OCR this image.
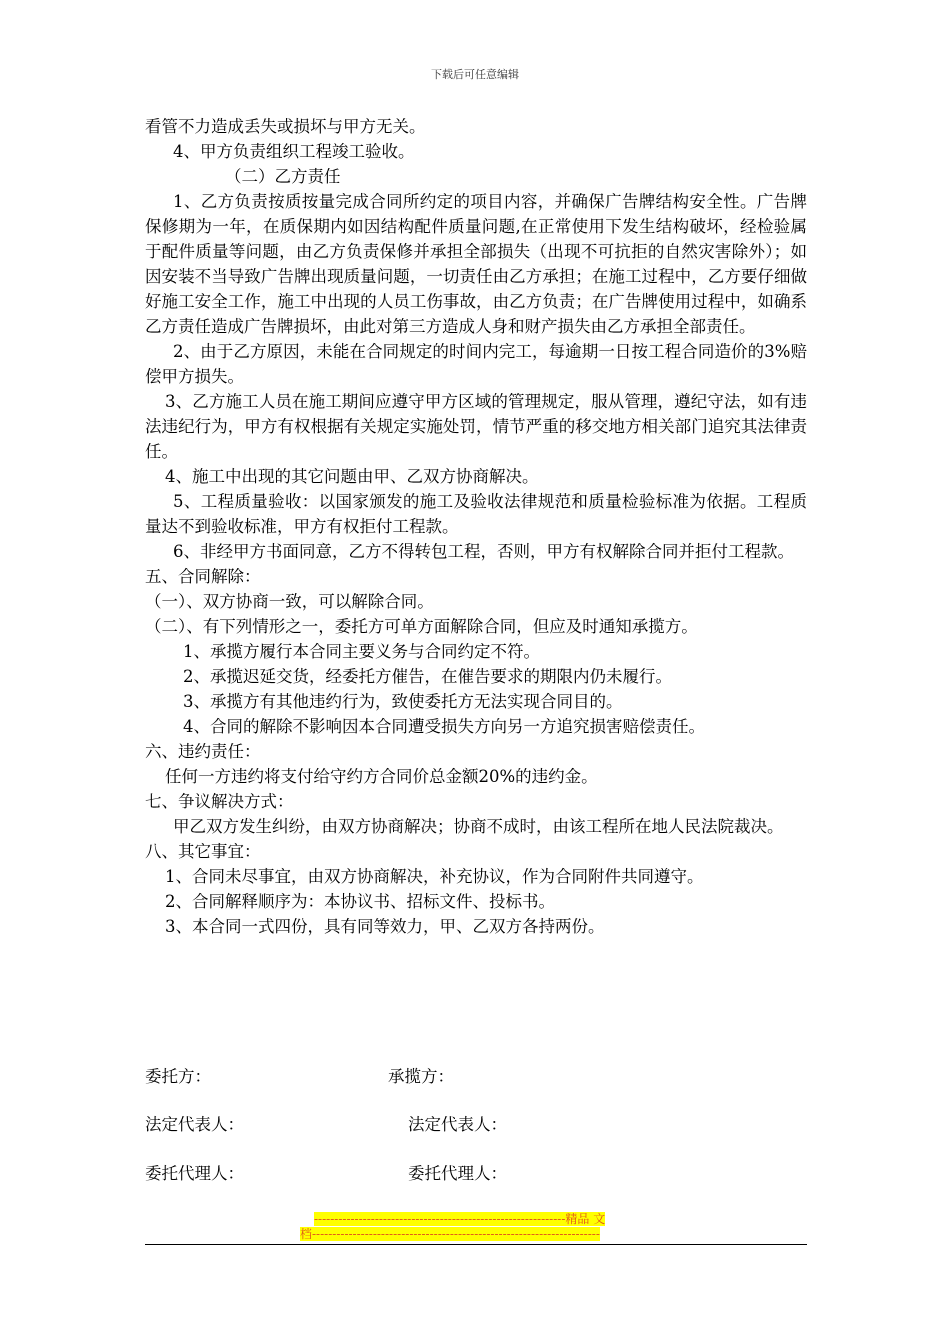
下载后可任意编辑

看管不力造成丢失或损坏与甲方无关。

4、甲方负责组织工程竣工验收。

（二）乙方责任

1、乙方负责按质按量完成合同所约定的项目内容，并确保广告牌结构安全性。广告牌保修期为一年，在质保期内如因结构配件质量问题,在正常使用下发生结构破坏，经检验属于配件质量等问题，由乙方负责保修并承担全部损失（出现不可抗拒的自然灾害除外）；如因安装不当导致广告牌出现质量问题，一切责任由乙方承担；在施工过程中，乙方要仔细做好施工安全工作，施工中出现的人员工伤事故，由乙方负责；在广告牌使用过程中，如确系乙方责任造成广告牌损坏，由此对第三方造成人身和财产损失由乙方承担全部责任。

2、由于乙方原因，未能在合同规定的时间内完工，每逾期一日按工程合同造价的3%赔偿甲方损失。

3、乙方施工人员在施工期间应遵守甲方区域的管理规定，服从管理，遵纪守法，如有违法违纪行为，甲方有权根据有关规定实施处罚，情节严重的移交地方相关部门追究其法律责任。

4、施工中出现的其它问题由甲、乙双方协商解决。

5、工程质量验收：以国家颁发的施工及验收法律规范和质量检验标准为依据。工程质量达不到验收标准，甲方有权拒付工程款。

6、非经甲方书面同意，乙方不得转包工程，否则，甲方有权解除合同并拒付工程款。

五、合同解除：

（一）、双方协商一致，可以解除合同。

（二）、有下列情形之一，委托方可单方面解除合同，但应及时通知承揽方。

1、承揽方履行本合同主要义务与合同约定不符。

2、承揽迟延交货，经委托方催告，在催告要求的期限内仍未履行。

3、承揽方有其他违约行为，致使委托方无法实现合同目的。

4、合同的解除不影响因本合同遭受损失方向另一方追究损害赔偿责任。

六、违约责任：

任何一方违约将支付给守约方合同价总金额20%的违约金。

七、争议解决方式：

甲乙双方发生纠纷，由双方协商解决；协商不成时，由该工程所在地人民法院裁决。

八、其它事宜：

1、合同未尽事宜，由双方协商解决，补充协议，作为合同附件共同遵守。

2、合同解释顺序为：本协议书、招标文件、投标书。

3、本合同一式四份，具有同等效力，甲、乙双方各持两份。

委托方：	承揽方：
法定代表人：	法定代表人：
委托代理人：	委托代理人：
--------------------------------------------------------------精品 文
档-----------------------------------------------------------------------
